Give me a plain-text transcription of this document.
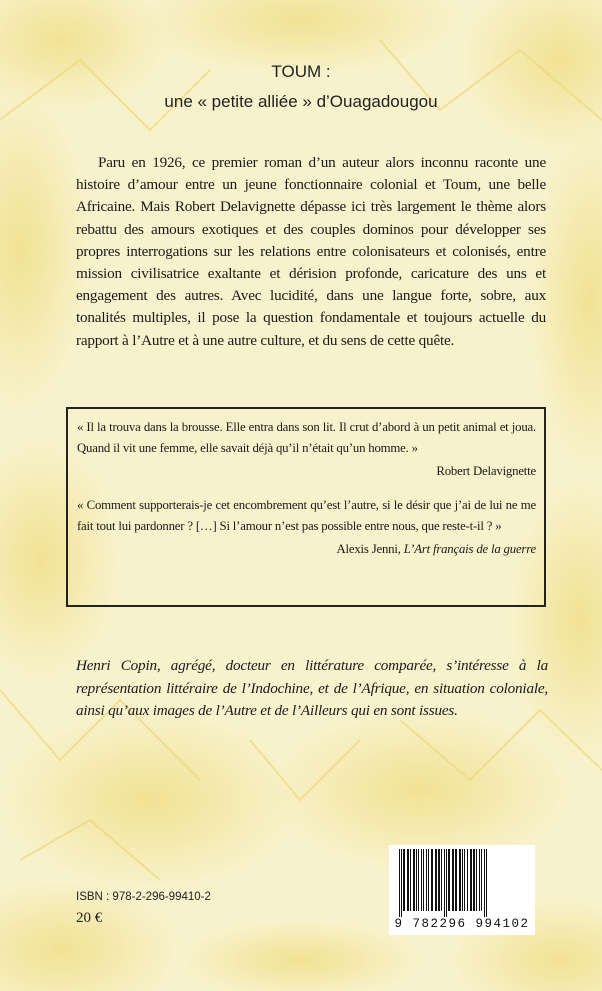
TOUM :
une « petite alliée » d’Ouagadougou
Paru en 1926, ce premier roman d’un auteur alors inconnu raconte une histoire d’amour entre un jeune fonctionnaire colonial et Toum, une belle Africaine. Mais Robert Delavignette dépasse ici très largement le thème alors rebattu des amours exotiques et des couples dominos pour développer ses propres interrogations sur les relations entre colonisateurs et colonisés, entre mission civilisatrice exaltante et dérision profonde, caricature des uns et engagement des autres. Avec lucidité, dans une langue forte, sobre, aux tonalités multiples, il pose la question fondamentale et toujours actuelle du rapport à l’Autre et à une autre culture, et du sens de cette quête.
« Il la trouva dans la brousse. Elle entra dans son lit. Il crut d’abord à un petit animal et joua. Quand il vit une femme, elle savait déjà qu’il n’était qu’un homme. »
Robert Delavignette
« Comment supporterais-je cet encombrement qu’est l’autre, si le désir que j’ai de lui ne me fait tout lui pardonner ? […] Si l’amour n’est pas possible entre nous, que reste-t-il ? »
Alexis Jenni, L’Art français de la guerre
Henri Copin, agrégé, docteur en littérature comparée, s’intéresse à la représentation littéraire de l’Indochine, et de l’Afrique, en situation coloniale, ainsi qu’aux images de l’Autre et de l’Ailleurs qui en sont issues.
ISBN : 978-2-296-99410-2
20 €	9 782296 994102
